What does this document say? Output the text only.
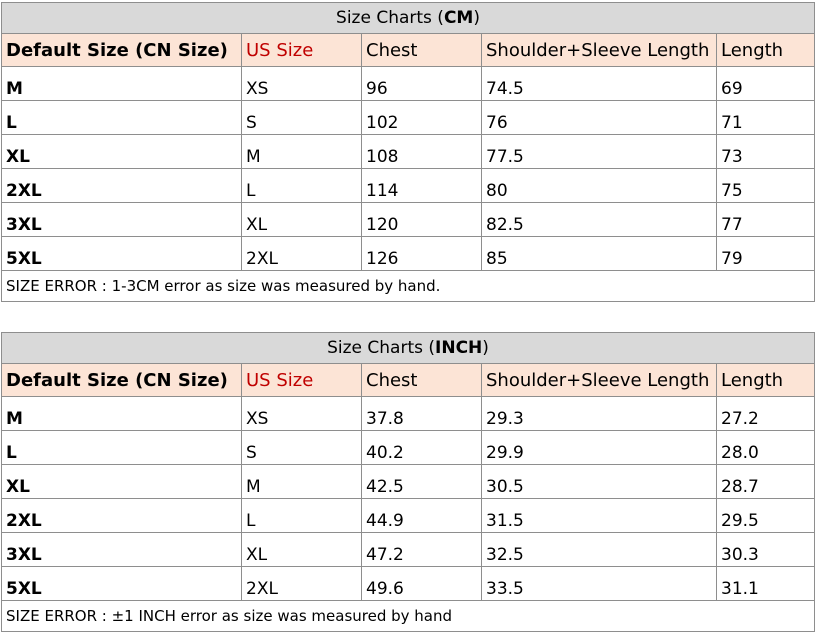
Size Charts (CM)				
Default Size (CN Size)	US Size	Chest	Shoulder+Sleeve Length	Length
M	XS	96	74.5	69
L	S	102	76	71
XL	M	108	77.5	73
2XL	L	114	80	75
3XL	XL	120	82.5	77
5XL	2XL	126	85	79
SIZE ERROR : 1-3CM error as size was measured by hand.				
Size Charts (INCH)				
Default Size (CN Size)	US Size	Chest	Shoulder+Sleeve Length	Length
M	XS	37.8	29.3	27.2
L	S	40.2	29.9	28.0
XL	M	42.5	30.5	28.7
2XL	L	44.9	31.5	29.5
3XL	XL	47.2	32.5	30.3
5XL	2XL	49.6	33.5	31.1
SIZE ERROR : ±1 INCH error as size was measured by hand				
